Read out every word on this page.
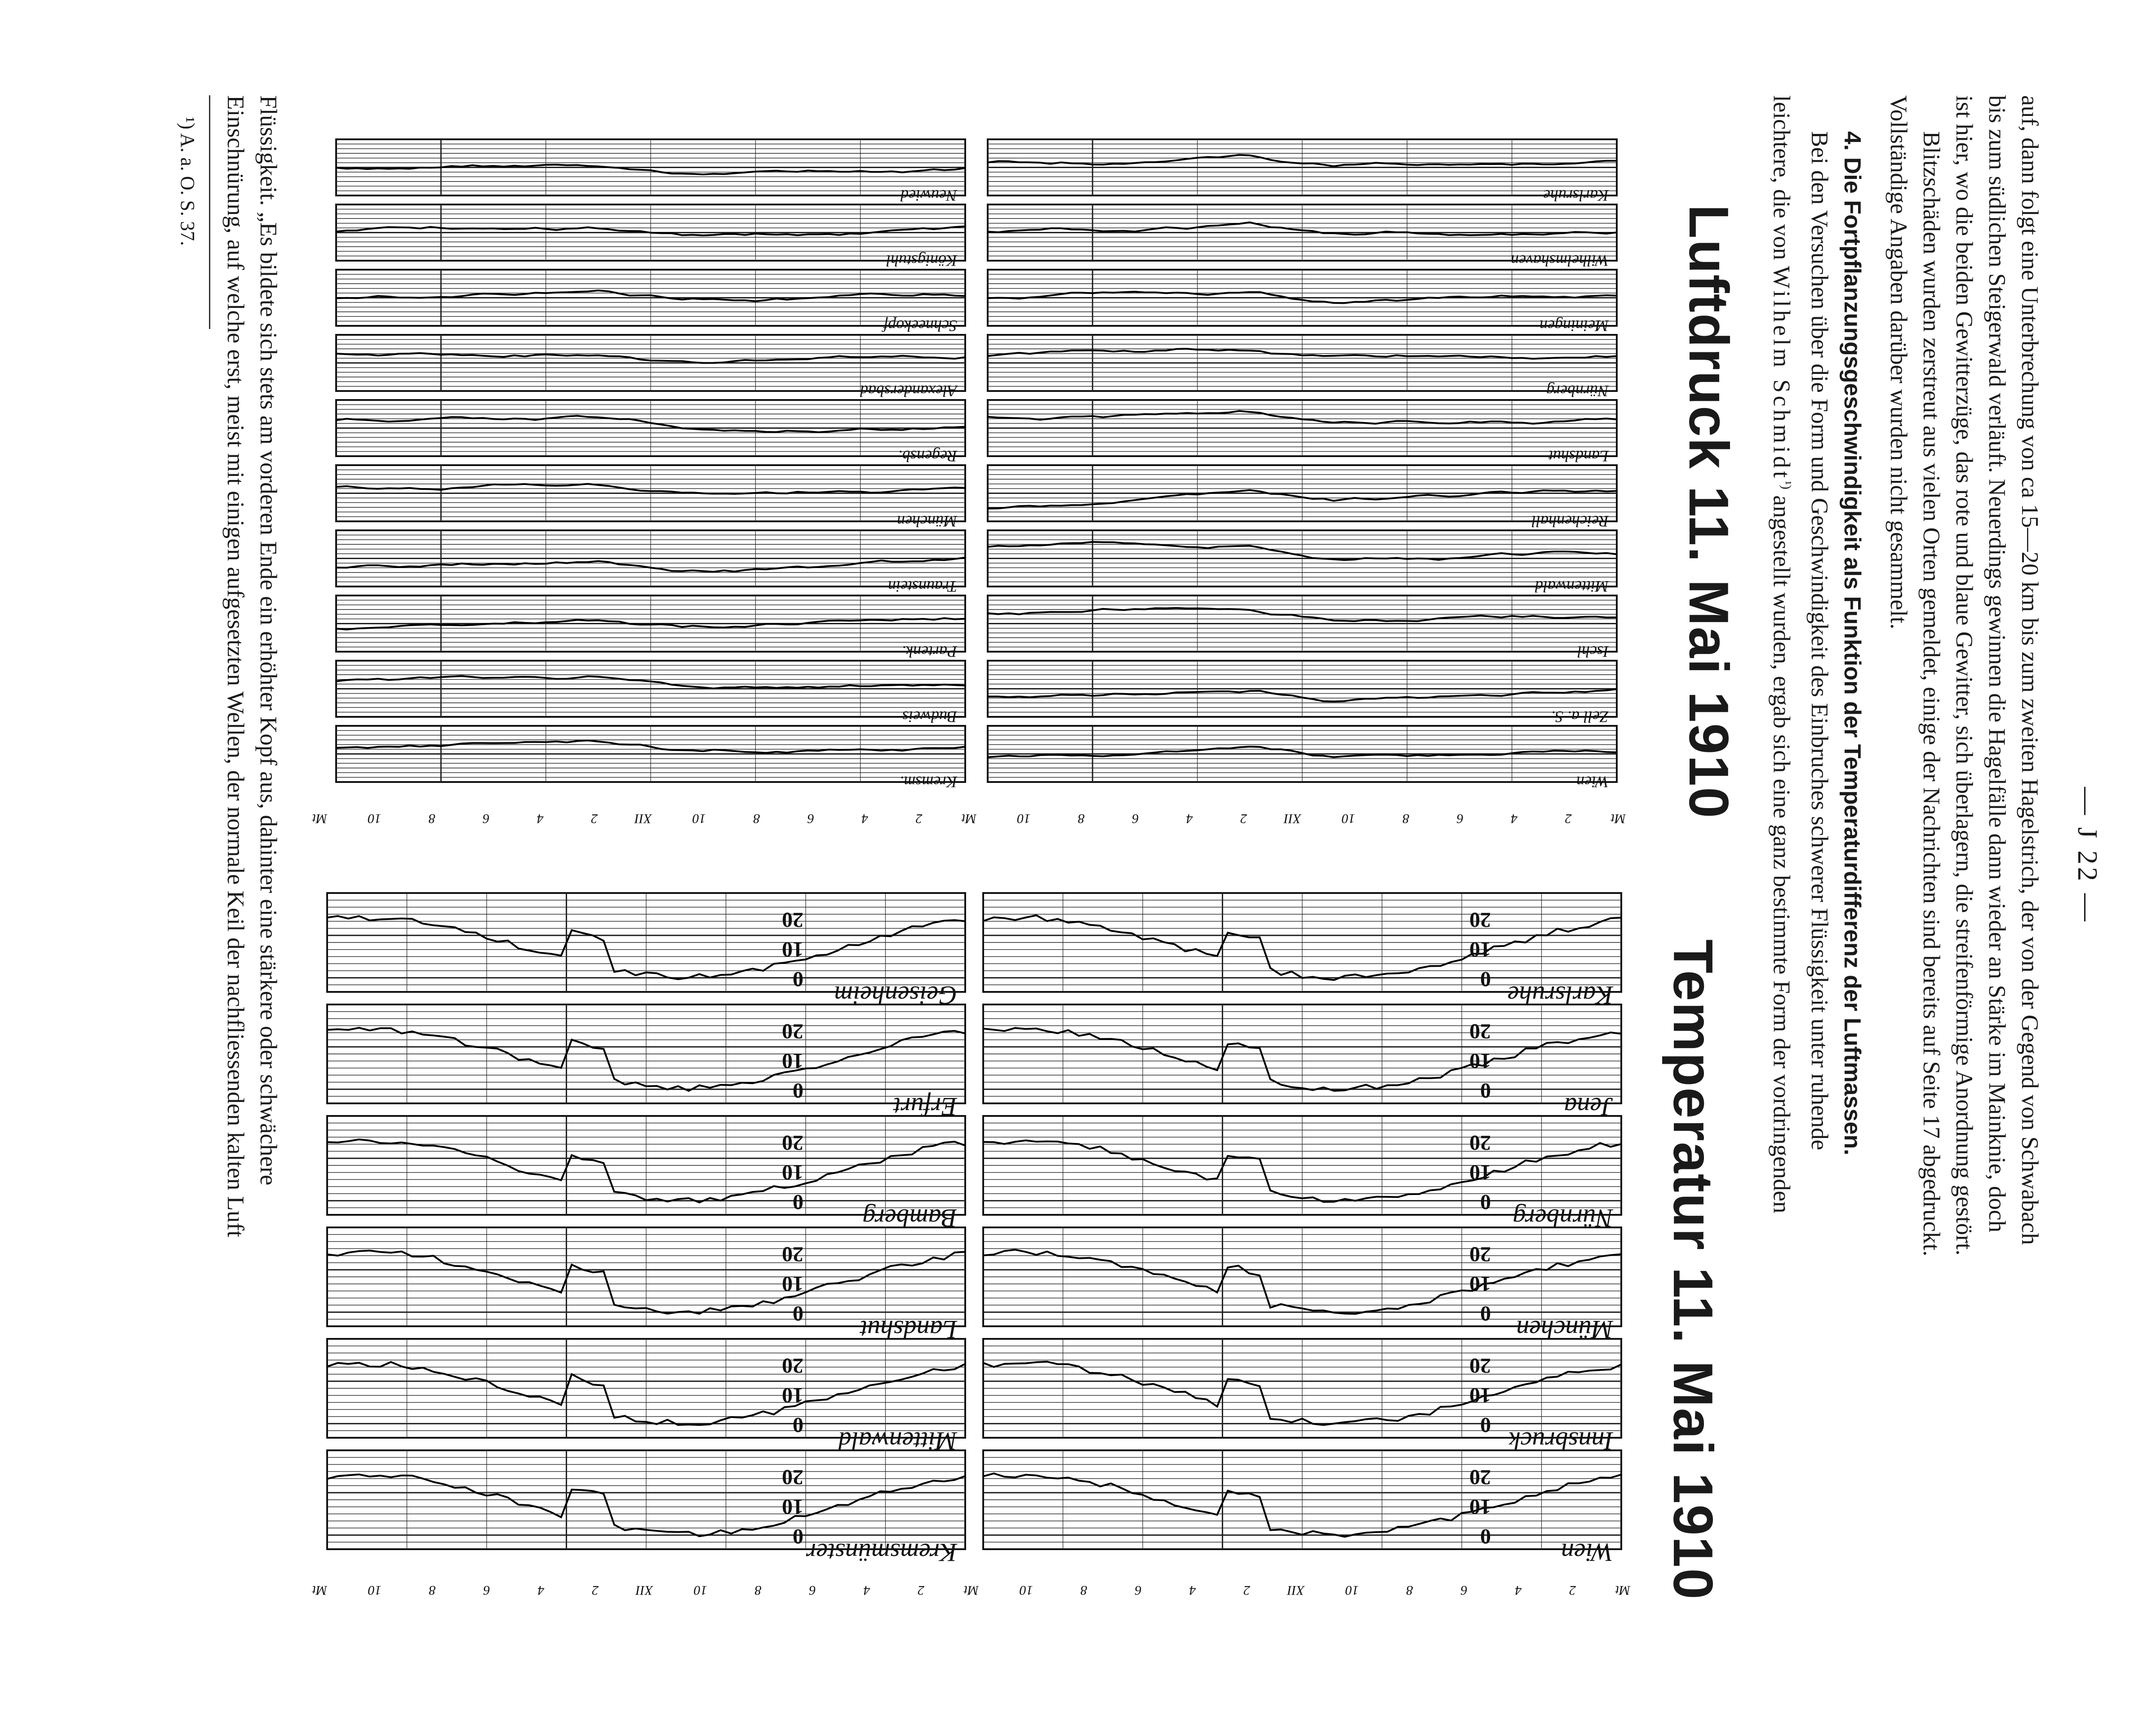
— J 22 —

auf, dann folgt eine Unterbrechung von ca 15—20 km bis zum zweiten Hagelstrich, der von der Gegend von Schwabach

bis zum südlichen Steigerwald verläuft. Neuerdings gewinnen die Hagelfälle dann wieder an Stärke im Mainknie, doch

ist hier, wo die beiden Gewitterzüge, das rote und blaue Gewitter, sich überlagern, die streifenförmige Anordnung gestört.

Blitzschäden wurden zerstreut aus vielen Orten gemeldet, einige der Nachrichten sind bereits auf Seite 17 abgedruckt.

Vollständige Angaben darüber wurden nicht gesammelt.

4. Die Fortpflanzungsgeschwindigkeit als Funktion der Temperaturdifferenz der Luftmassen.

Bei den Versuchen über die Form und Geschwindigkeit des Einbruches schwerer Flüssigkeit unter ruhende

leichtere, die von Wilhelm Schmidt$^{^1)}$ angestellt wurden, ergab sich eine ganz bestimmte Form der vordringenden

Luftdruck 11. Mai 1910
Mt
2
4
6
8
10
XII
2
4
6
8
10
Mt
2
4
6
8
10
XII
2
4
6
8
10
Mt
Wien
Zell a. S.
Ischl
Mittenwald
Reichenhall
Landshut
Nürnberg
Meiningen
Wilhelmshaven
Karlsruhe
Kremsm.
Budweis
Partenk.
Traunstein
München
Regensb.
Alexandersbad
Schneekopf
Königstuhl
Neuwied
Temperatur 11. Mai 1910
Mt
2
4
6
8
10
XII
2
4
6
8
10
Mt
2
4
6
8
10
XII
2
4
6
8
10
Mt
Wien
20
10
0
Innsbruck
20
10
0
München
20
10
0
Nürnberg
20
10
0
Jena
20
10
0
Karlsruhe
20
10
0
Kremsmünster
20
10
0
Mittenwald
20
10
0
Landshut
20
10
0
Bamberg
20
10
0
Erfurt
20
10
0
Geisenheim
20
10
0

Flüssigkeit. „Es bildete sich stets am vorderen Ende ein erhöhter Kopf aus, dahinter eine stärkere oder schwächere

Einschnürung, auf welche erst, meist mit einigen aufgesetzten Wellen, der normale Keil der nachfliessenden kalten Luft

¹) A. a. O. S. 37.
